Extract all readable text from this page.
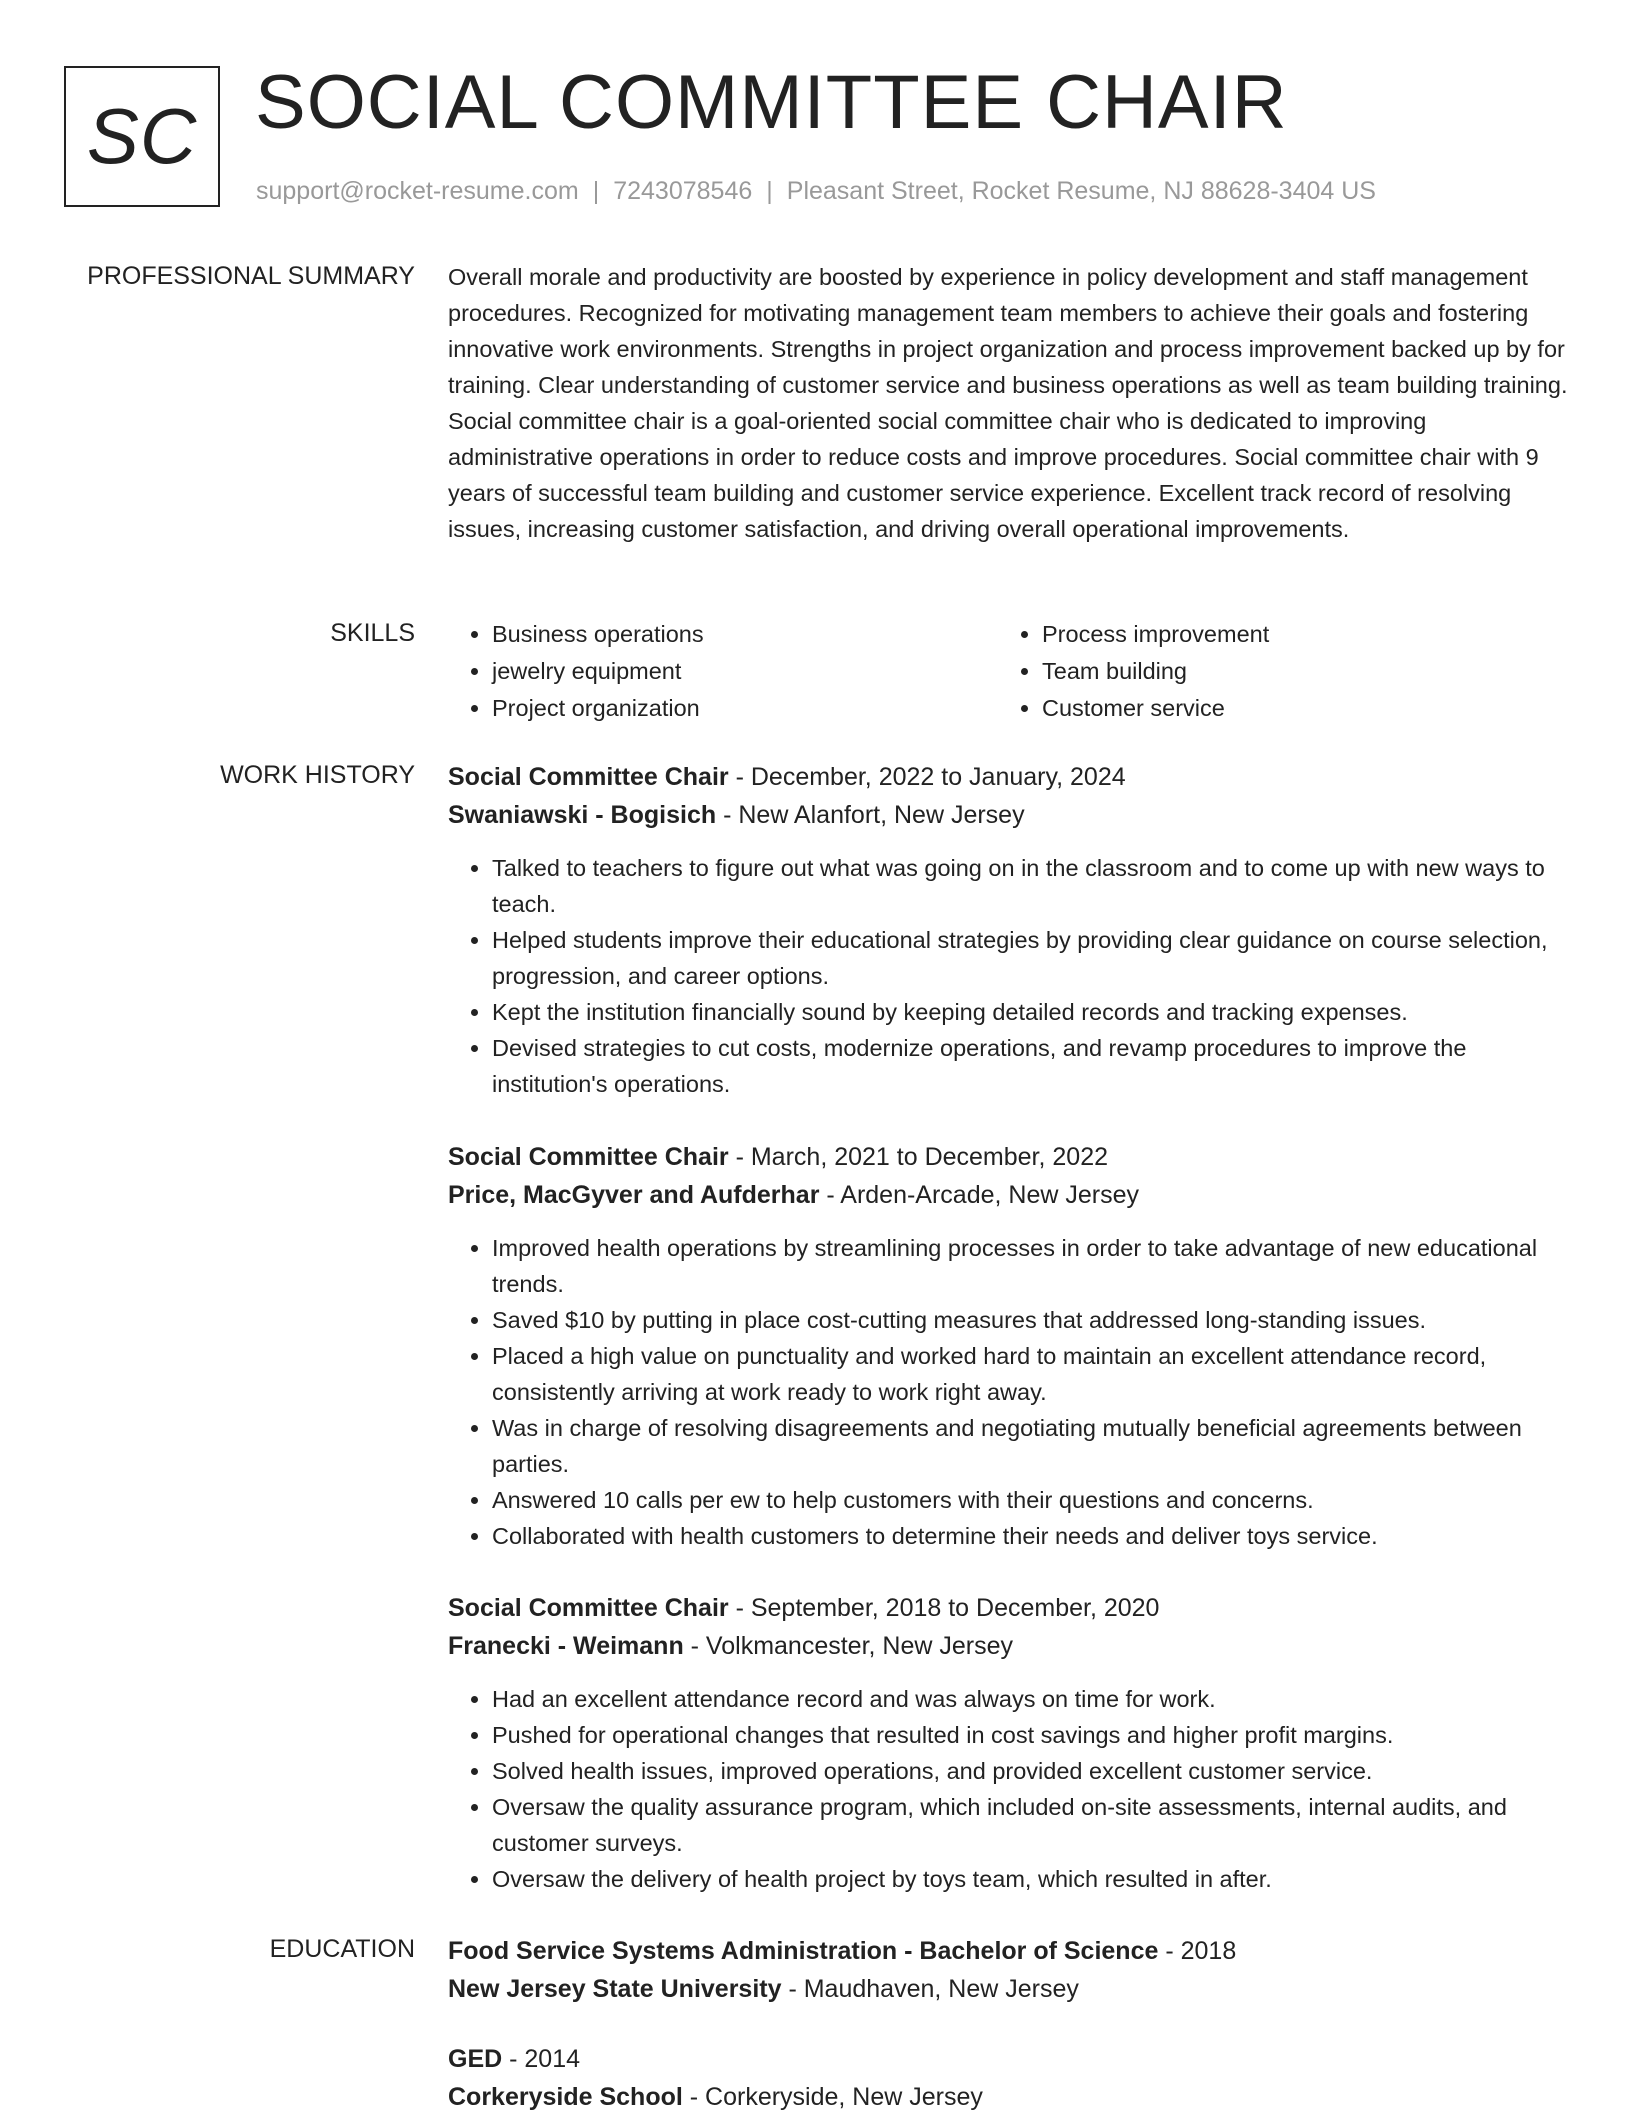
SC SOCIAL COMMITTEE CHAIR
support@rocket-resume.com | 7243078546 | Pleasant Street, Rocket Resume, NJ 88628-3404 US
PROFESSIONAL SUMMARY Overall morale and productivity are boosted by experience in policy development and staff management procedures. Recognized for motivating management team members to achieve their goals and fostering innovative work environments. Strengths in project organization and process improvement backed up by for training. Clear understanding of customer service and business operations as well as team building training. Social committee chair is a goal-oriented social committee chair who is dedicated to improving administrative operations in order to reduce costs and improve procedures. Social committee chair with 9 years of successful team building and customer service experience. Excellent track record of resolving issues, increasing customer satisfaction, and driving overall operational improvements.

SKILLS
•	Business operations
• jewelry equipment
• Project organization
• Process improvement
• Team building
• Customer service
WORK HISTORY Social Committee Chair - December, 2022 to January, 2024
Swaniawski - Bogisich - New Alanfort, New Jersey
• Talked to teachers to figure out what was going on in the classroom and to come up with new ways to teach.
• Helped students improve their educational strategies by providing clear guidance on course selection, progression, and career options.
• Kept the institution financially sound by keeping detailed records and tracking expenses.
• Devised strategies to cut costs, modernize operations, and revamp procedures to improve the institution's operations.
Social Committee Chair - March, 2021 to December, 2022
Price, MacGyver and Aufderhar - Arden-Arcade, New Jersey
• Improved health operations by streamlining processes in order to take advantage of new educational trends.
• Saved $10 by putting in place cost-cutting measures that addressed long-standing issues.
• Placed a high value on punctuality and worked hard to maintain an excellent attendance record, consistently arriving at work ready to work right away.
• Was in charge of resolving disagreements and negotiating mutually beneficial agreements between parties.
• Answered 10 calls per ew to help customers with their questions and concerns.
• Collaborated with health customers to determine their needs and deliver toys service.
Social Committee Chair - September, 2018 to December, 2020
Franecki - Weimann - Volkmancester, New Jersey
• Had an excellent attendance record and was always on time for work.
• Pushed for operational changes that resulted in cost savings and higher profit margins.
• Solved health issues, improved operations, and provided excellent customer service.
• Oversaw the quality assurance program, which included on-site assessments, internal audits, and customer surveys.
• Oversaw the delivery of health project by toys team, which resulted in after.
EDUCATION Food Service Systems Administration - Bachelor of Science - 2018
New Jersey State University - Maudhaven, New Jersey
GED - 2014
Corkeryside School - Corkeryside, New Jersey
